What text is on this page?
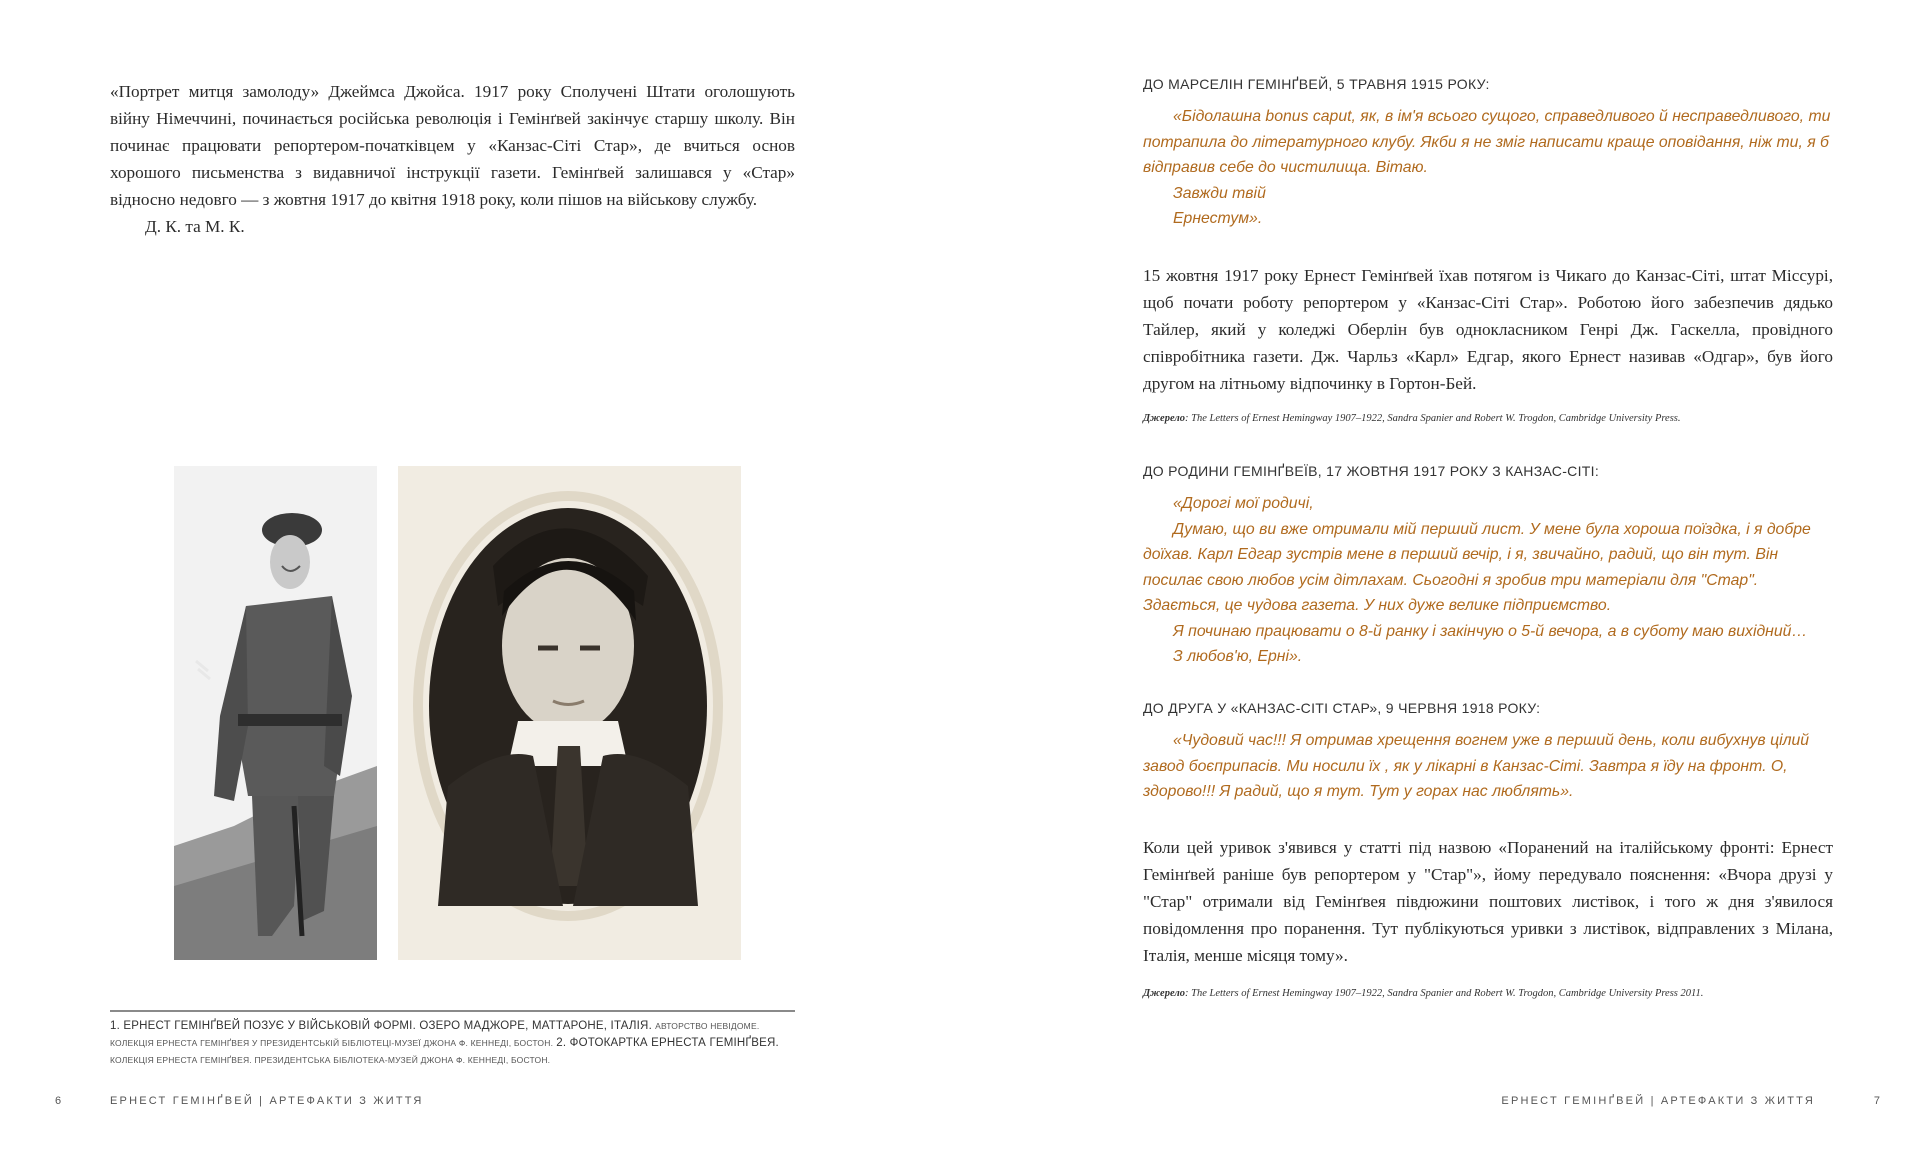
«Портрет митця замолоду» Джеймса Джойса. 1917 року Сполучені Штати оголошують війну Німеччині, починається російська революція і Гемінґвей закінчує старшу школу. Він починає працювати репортером-початківцем у «Канзас-Сіті Стар», де вчиться основ хорошого письменства з видавничої інструкції газети. Гемінґвей залишався у «Стар» відносно недовго — з жовтня 1917 до квітня 1918 року, коли пішов на військову службу.

Д. К. та М. К.

1. ЕРНЕСТ ГЕМІНҐВЕЙ ПОЗУЄ У ВІЙСЬКОВІЙ ФОРМІ. ОЗЕРО МАДЖОРЕ, МАТТАРОНЕ, ІТАЛІЯ. АВТОРСТВО НЕВІДОМЕ. КОЛЕКЦІЯ ЕРНЕСТА ГЕМІНҐВЕЯ У ПРЕЗИДЕНТСЬКІЙ БІБЛІОТЕЦІ-МУЗЕЇ ДЖОНА Ф. КЕННЕДІ, БОСТОН. 2. ФОТОКАРТКА ЕРНЕСТА ГЕМІНҐВЕЯ. КОЛЕКЦІЯ ЕРНЕСТА ГЕМІНҐВЕЯ. ПРЕЗИДЕНТСЬКА БІБЛІОТЕКА-МУЗЕЙ ДЖОНА Ф. КЕННЕДІ, БОСТОН.
6	ЕРНЕСТ ГЕМІНҐВЕЙ | АРТЕФАКТИ З ЖИТТЯ

ДО МАРСЕЛІН ГЕМІНҐВЕЙ, 5 ТРАВНЯ 1915 РОКУ:

«Бідолашна bonus caput, як, в ім'я всього сущого, справедливого й несправедливого, ти потрапила до літературного клубу. Якби я не зміг написати краще оповідання, ніж ти, я б відправив себе до чистилища. Вітаю.
Завжди твій
Ернестум».

15 жовтня 1917 року Ернест Гемінґвей їхав потягом із Чикаго до Канзас-Сіті, штат Міссурі, щоб почати роботу репортером у «Канзас-Сіті Стар». Роботою його забезпечив дядько Тайлер, який у коледжі Оберлін був однокласником Генрі Дж. Гаскелла, провідного співробітника газети. Дж. Чарльз «Карл» Едгар, якого Ернест називав «Одгар», був його другом на літньому відпочинку в Гортон-Бей.

Джерело: The Letters of Ernest Hemingway 1907–1922, Sandra Spanier and Robert W. Trogdon, Cambridge University Press.

ДО РОДИНИ ГЕМІНҐВЕЇВ, 17 ЖОВТНЯ 1917 РОКУ З КАНЗАС-СІТІ:

«Дорогі мої родичі,
Думаю, що ви вже отримали мій перший лист. У мене була хороша поїздка, і я добре доїхав. Карл Едгар зустрів мене в перший вечір, і я, звичайно, радий, що він тут. Він посилає свою любов усім дітлахам. Сьогодні я зробив три матеріали для "Стар". Здається, це чудова газета. У них дуже велике підприємство.
Я починаю працювати о 8-й ранку і закінчую о 5-й вечора, а в суботу маю вихідний…
З любов'ю, Ерні».

ДО ДРУГА У «КАНЗАС-СІТІ СТАР», 9 ЧЕРВНЯ 1918 РОКУ:

«Чудовий час!!! Я отримав хрещення вогнем уже в перший день, коли вибухнув цілий завод боєприпасів. Ми носили їх , як у лікарні в Канзас-Сіті. Завтра я їду на фронт. О, здорово!!! Я радий, що я тут. Тут у горах нас люблять».

Коли цей уривок з'явився у статті під назвою «Поранений на італійському фронті: Ернест Гемінґвей раніше був репортером у "Стар"», йому передувало пояснення: «Вчора друзі у "Стар" отримали від Гемінґвея півдюжини поштових листівок, і того ж дня з'явилося повідомлення про поранення. Тут публікуються уривки з листівок, відправлених з Мілана, Італія, менше місяця тому».

Джерело: The Letters of Ernest Hemingway 1907–1922, Sandra Spanier and Robert W. Trogdon, Cambridge University Press 2011.

ЕРНЕСТ ГЕМІНҐВЕЙ | АРТЕФАКТИ З ЖИТТЯ	7
